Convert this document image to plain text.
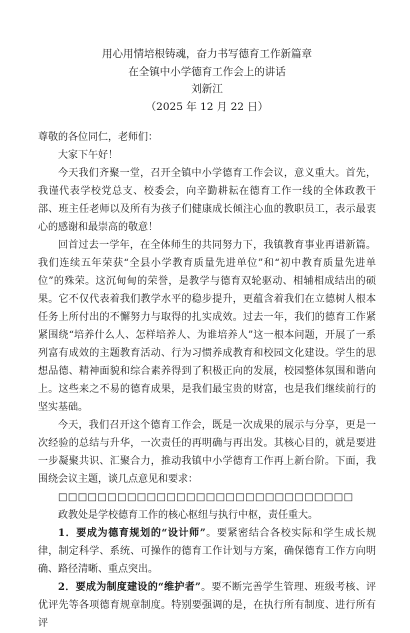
用心用情培根铸魂，奋力书写德育工作新篇章
在全镇中小学德育工作会上的讲话
刘新江
（2025 年 12 月 22 日）
尊敬的各位同仁，老师们：
大家下午好！

今天我们齐聚一堂，召开全镇中小学德育工作会议，意义重大。首先，我谨代表学校党总支、校委会，向辛勤耕耘在德育工作一线的全体政教干部、班主任老师以及所有为孩子们健康成长倾注心血的教职员工，表示最衷心的感谢和最崇高的敬意！

回首过去一学年，在全体师生的共同努力下，我镇教育事业再谱新篇。我们连续五年荣获“全县小学教育质量先进单位”和“初中教育质量先进单位”的殊荣。这沉甸甸的荣誉，是教学与德育双轮驱动、相辅相成结出的硕果。它不仅代表着我们教学水平的稳步提升，更蕴含着我们在立德树人根本任务上所付出的不懈努力与取得的扎实成效。过去一年，我们的德育工作紧紧围绕“培养什么人、怎样培养人、为谁培养人”这一根本问题，开展了一系列富有成效的主题教育活动、行为习惯养成教育和校园文化建设。学生的思想品德、精神面貌和综合素养得到了积极正向的发展，校园整体氛围和谐向上。这些来之不易的德育成果，是我们最宝贵的财富，也是我们继续前行的坚实基础。

今天，我们召开这个德育工作会，既是一次成果的展示与分享，更是一次经验的总结与升华，一次责任的再明确与再出发。其核心目的，就是要进一步凝聚共识、汇聚合力，推动我镇中小学德育工作再上新台阶。下面，我围绕会议主题，谈几点意见和要求：

□□□□□□□□□□□□□□□□□□□□□□□□□□□□□□

政教处是学校德育工作的核心枢纽与执行中枢，责任重大。

1．要成为德育规划的“设计师”。要紧密结合各校实际和学生成长规律，制定科学、系统、可操作的德育工作计划与方案，确保德育工作方向明确、路径清晰、重点突出。

2．要成为制度建设的“维护者”。要不断完善学生管理、班级考核、评优评先等各项德育规章制度。特别要强调的是，在执行所有制度、进行所有评
